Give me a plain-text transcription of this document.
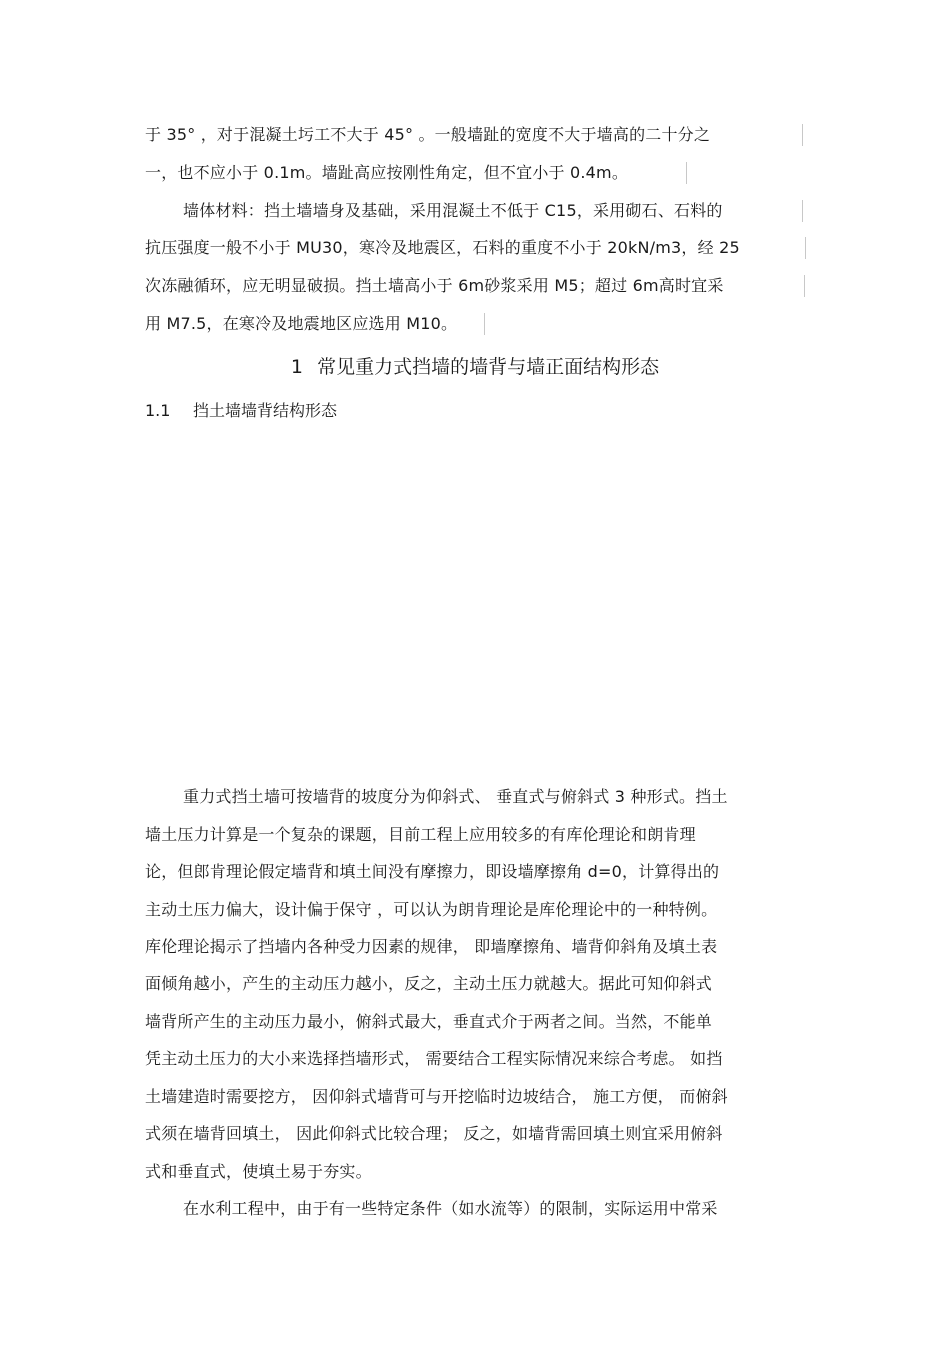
于 35° ，对于混凝土圬工不大于 45° 。一般墙趾的宽度不大于墙高的二十分之
一，也不应小于 0.1m。墙趾高应按刚性角定，但不宜小于 0.4m。
墙体材料：挡土墙墙身及基础，采用混凝土不低于 C15，采用砌石、石料的
抗压强度一般不小于 MU30，寒冷及地震区，石料的重度不小于 20kN/m3，经 25
次冻融循环，应无明显破损。挡土墙高小于 6m砂浆采用 M5；超过 6m高时宜采
用 M7.5，在寒冷及地震地区应选用 M10。
1 常见重力式挡墙的墙背与墙正面结构形态
1.1 挡土墙墙背结构形态
重力式挡土墙可按墙背的坡度分为仰斜式、 垂直式与俯斜式 3 种形式。挡土
墙土压力计算是一个复杂的课题，目前工程上应用较多的有库伦理论和朗肯理
论，但郎肯理论假定墙背和填土间没有摩擦力，即设墙摩擦角 d=0，计算得出的
主动土压力偏大，设计偏于保守 ，可以认为朗肯理论是库伦理论中的一种特例。
库伦理论揭示了挡墙内各种受力因素的规律， 即墙摩擦角、墙背仰斜角及填土表
面倾角越小，产生的主动压力越小，反之，主动土压力就越大。据此可知仰斜式
墙背所产生的主动压力最小，俯斜式最大，垂直式介于两者之间。当然，不能单
凭主动土压力的大小来选择挡墙形式， 需要结合工程实际情况来综合考虑。 如挡
土墙建造时需要挖方， 因仰斜式墙背可与开挖临时边坡结合， 施工方便， 而俯斜
式须在墙背回填土， 因此仰斜式比较合理； 反之，如墙背需回填土则宜采用俯斜
式和垂直式，使填土易于夯实。
在水利工程中，由于有一些特定条件（如水流等）的限制，实际运用中常采
